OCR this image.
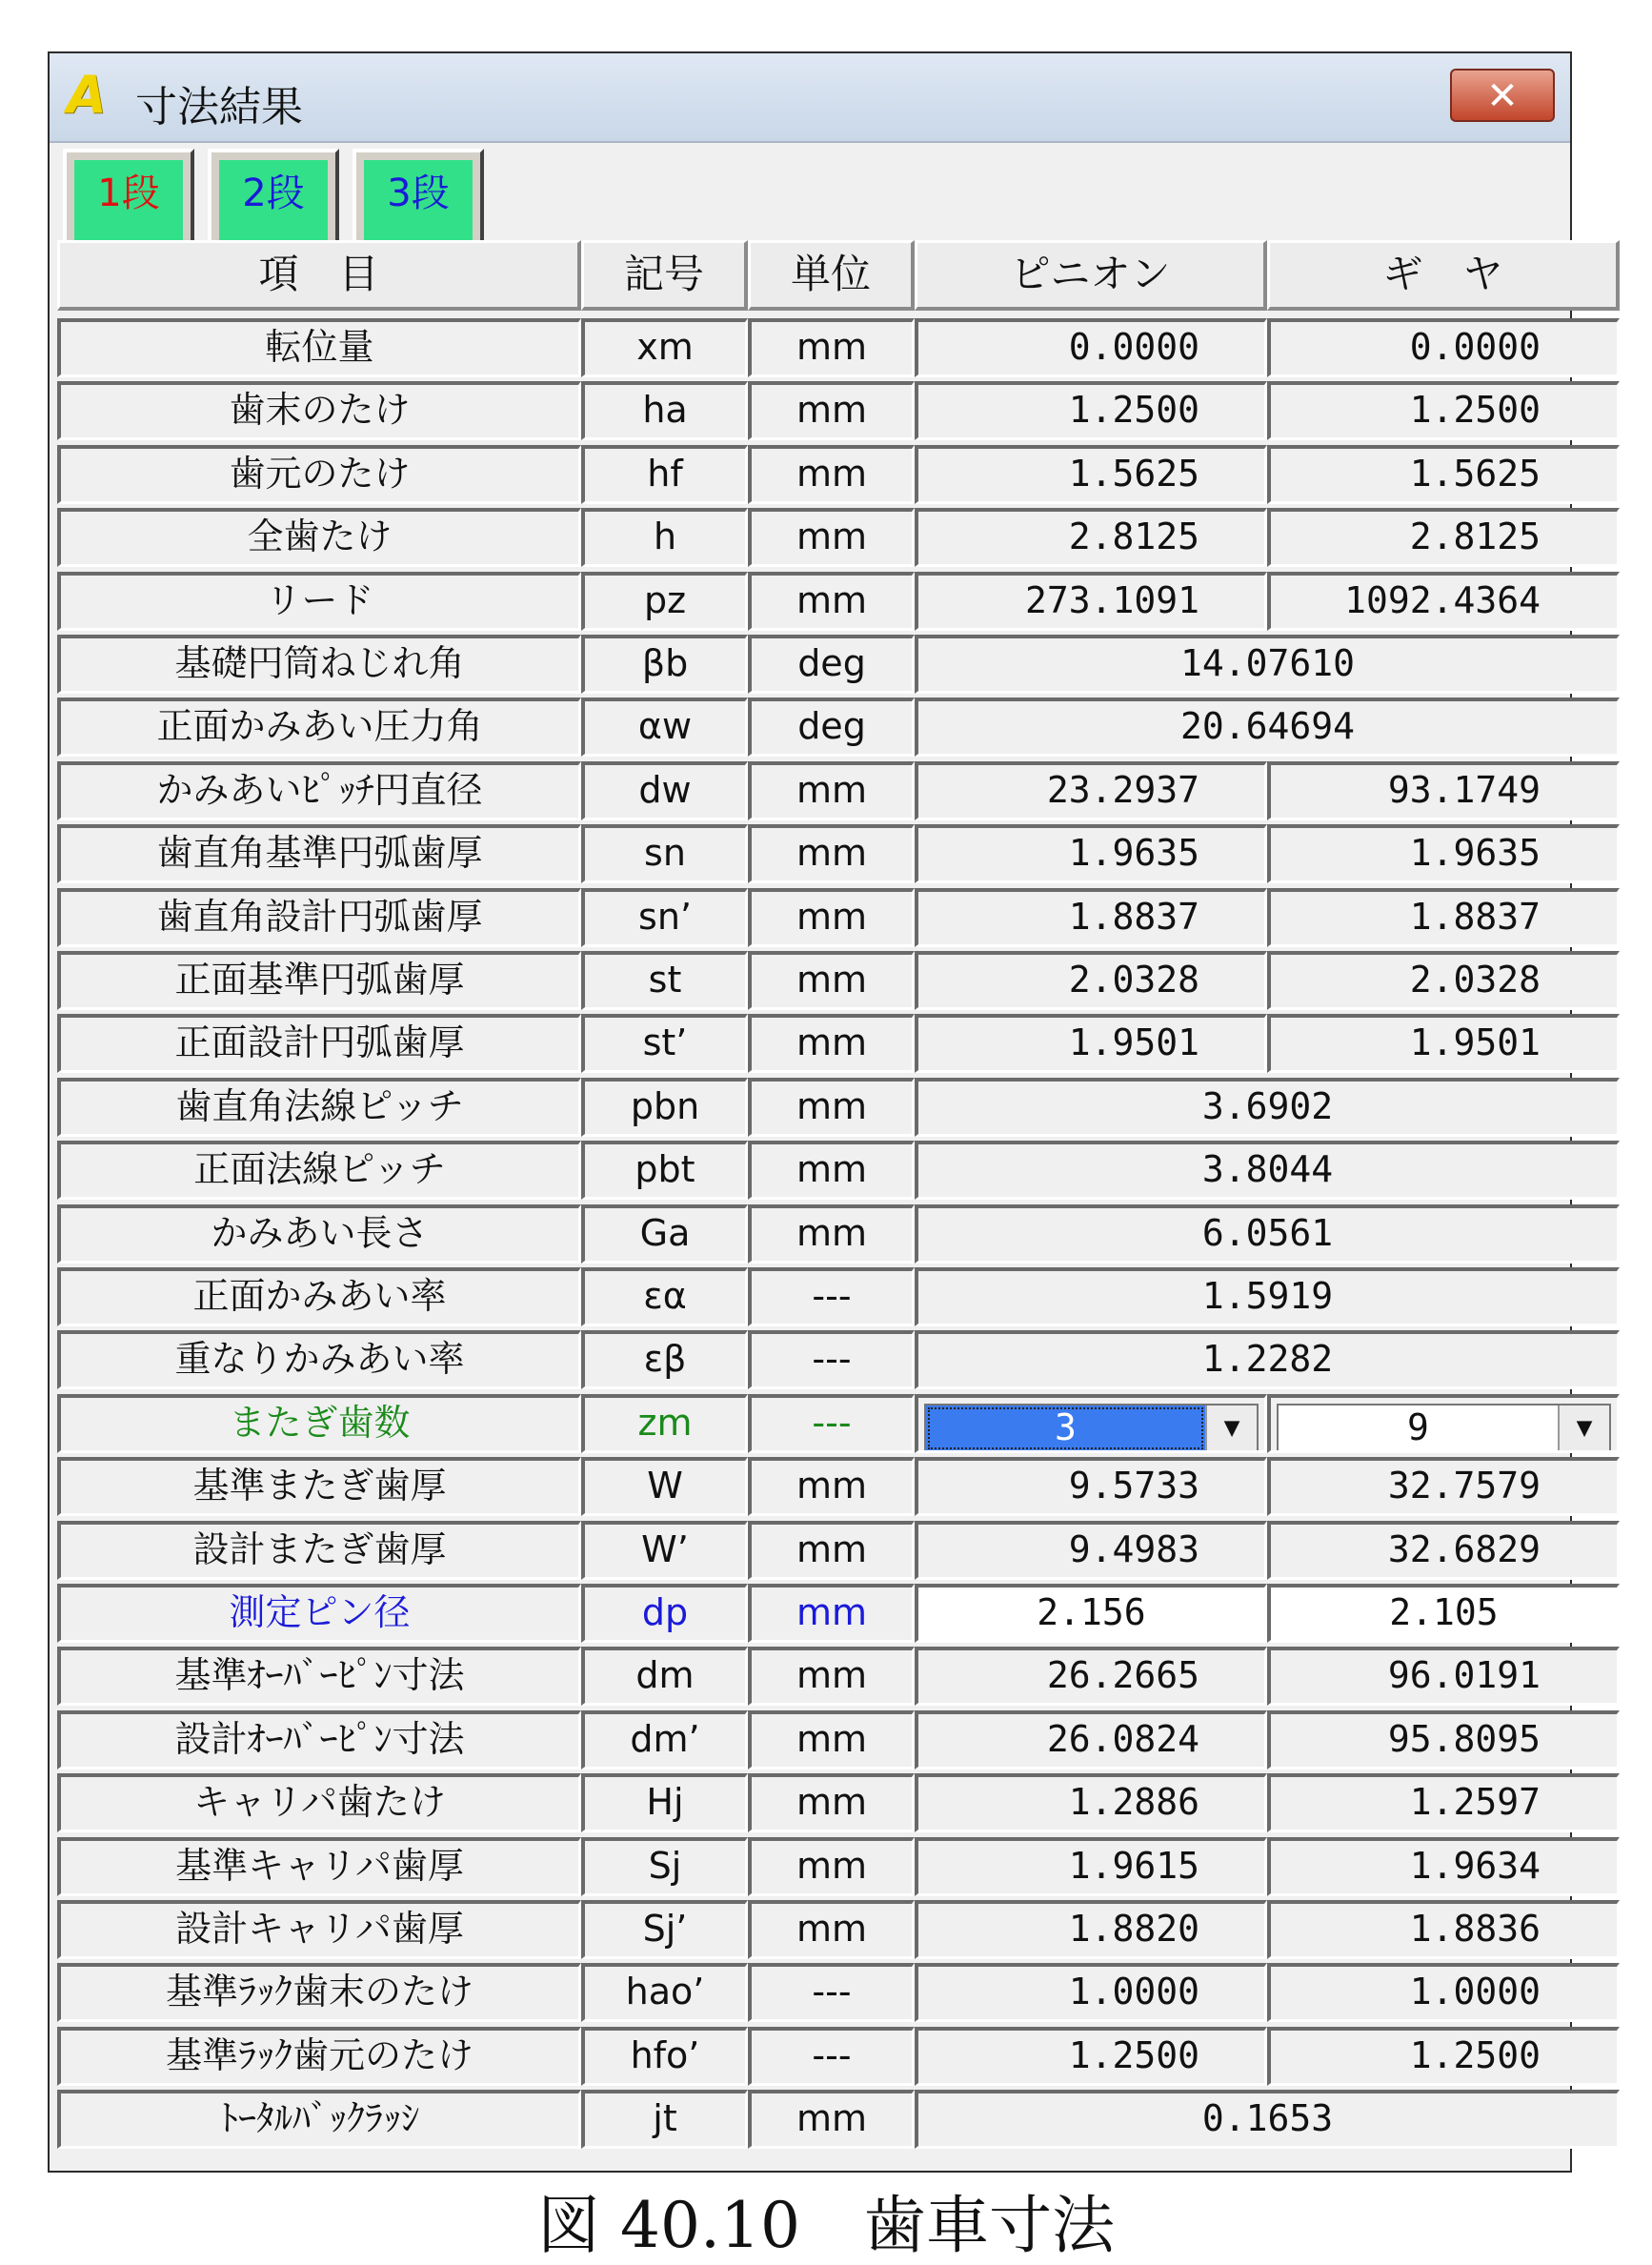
A 寸法結果	✕
1段	2段	3段
項　目	記号	単位	ピニオン	ギ　ヤ
転位量	xm	mm	0.0000	0.0000
歯末のたけ	ha	mm	1.2500	1.2500
歯元のたけ	hf	mm	1.5625	1.5625
全歯たけ	h	mm	2.8125	2.8125
リード	pz	mm	273.1091	1092.4364
基礎円筒ねじれ角	βb	deg	14.07610
正面かみあい圧力角	αw	deg	20.64694
かみあいﾋﾟｯﾁ円直径	dw	mm	23.2937	93.1749
歯直角基準円弧歯厚	sn	mm	1.9635	1.9635
歯直角設計円弧歯厚	sn’	mm	1.8837	1.8837
正面基準円弧歯厚	st	mm	2.0328	2.0328
正面設計円弧歯厚	st’	mm	1.9501	1.9501
歯直角法線ピッチ	pbn	mm	3.6902
正面法線ピッチ	pbt	mm	3.8044
かみあい長さ	Ga	mm	6.0561
正面かみあい率	εα	---	1.5919
重なりかみあい率	εβ	---	1.2282
またぎ歯数	zm	---	3	▼	9	▼
基準またぎ歯厚	W	mm	9.5733	32.7579
設計またぎ歯厚	W’	mm	9.4983	32.6829
測定ピン径	dp	mm	2.156	2.105
基準ｵｰﾊﾞｰﾋﾟﾝ寸法	dm	mm	26.2665	96.0191
設計ｵｰﾊﾞｰﾋﾟﾝ寸法	dm’	mm	26.0824	95.8095
キャリパ歯たけ	Hj	mm	1.2886	1.2597
基準キャリパ歯厚	Sj	mm	1.9615	1.9634
設計キャリパ歯厚	Sj’	mm	1.8820	1.8836
基準ﾗｯｸ歯末のたけ	hao’	---	1.0000	1.0000
基準ﾗｯｸ歯元のたけ	hfo’	---	1.2500	1.2500
ﾄｰﾀﾙﾊﾞｯｸﾗｯｼ	jt	mm	0.1653
図 40.10　歯車寸法
